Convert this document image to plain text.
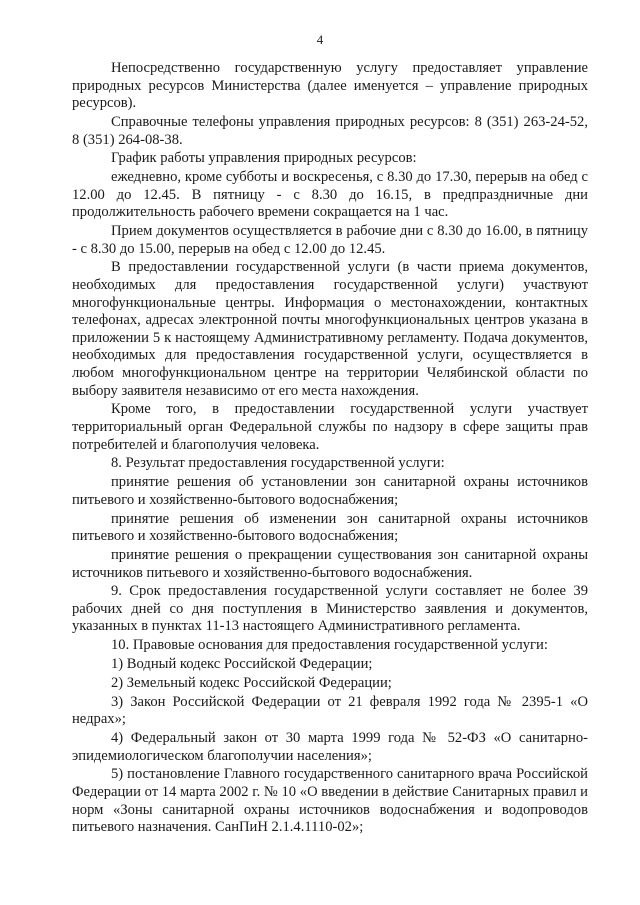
4

Непосредственно государственную услугу предоставляет управление природных ресурсов Министерства (далее именуется – управление природных ресурсов).

Справочные телефоны управления природных ресурсов: 8 (351) 263-24-52, 8 (351) 264-08-38.

График работы управления природных ресурсов:

ежедневно, кроме субботы и воскресенья, с 8.30 до 17.30, перерыв на обед с 12.00 до 12.45. В пятницу - с 8.30 до 16.15, в предпраздничные дни продолжительность рабочего времени сокращается на 1 час.

Прием документов осуществляется в рабочие дни с 8.30 до 16.00, в пятницу - с 8.30 до 15.00, перерыв на обед с 12.00 до 12.45.

В предоставлении государственной услуги (в части приема документов, необходимых для предоставления государственной услуги) участвуют многофункциональные центры. Информация о местонахождении, контактных телефонах, адресах электронной почты многофункциональных центров указана в приложении 5 к настоящему Административному регламенту. Подача документов, необходимых для предоставления государственной услуги, осуществляется в любом многофункциональном центре на территории Челябинской области по выбору заявителя независимо от его места нахождения.

Кроме того, в предоставлении государственной услуги участвует территориальный орган Федеральной службы по надзору в сфере защиты прав потребителей и благополучия человека.

8. Результат предоставления государственной услуги:

принятие решения об установлении зон санитарной охраны источников питьевого и хозяйственно-бытового водоснабжения;

принятие решения об изменении зон санитарной охраны источников питьевого и хозяйственно-бытового водоснабжения;

принятие решения о прекращении существования зон санитарной охраны источников питьевого и хозяйственно-бытового водоснабжения.

9. Срок предоставления государственной услуги составляет не более 39 рабочих дней со дня поступления в Министерство заявления и документов, указанных в пунктах 11-13 настоящего Административного регламента.

10. Правовые основания для предоставления государственной услуги:

1) Водный кодекс Российской Федерации;

2) Земельный кодекс Российской Федерации;

3) Закон Российской Федерации от 21 февраля 1992 года № 2395-1 «О недрах»;

4) Федеральный закон от 30 марта 1999 года № 52-ФЗ «О санитарно-эпидемиологическом благополучии населения»;

5) постановление Главного государственного санитарного врача Российской Федерации от 14 марта 2002 г. № 10 «О введении в действие Санитарных правил и норм «Зоны санитарной охраны источников водоснабжения и водопроводов питьевого назначения. СанПиН 2.1.4.1110-02»;
